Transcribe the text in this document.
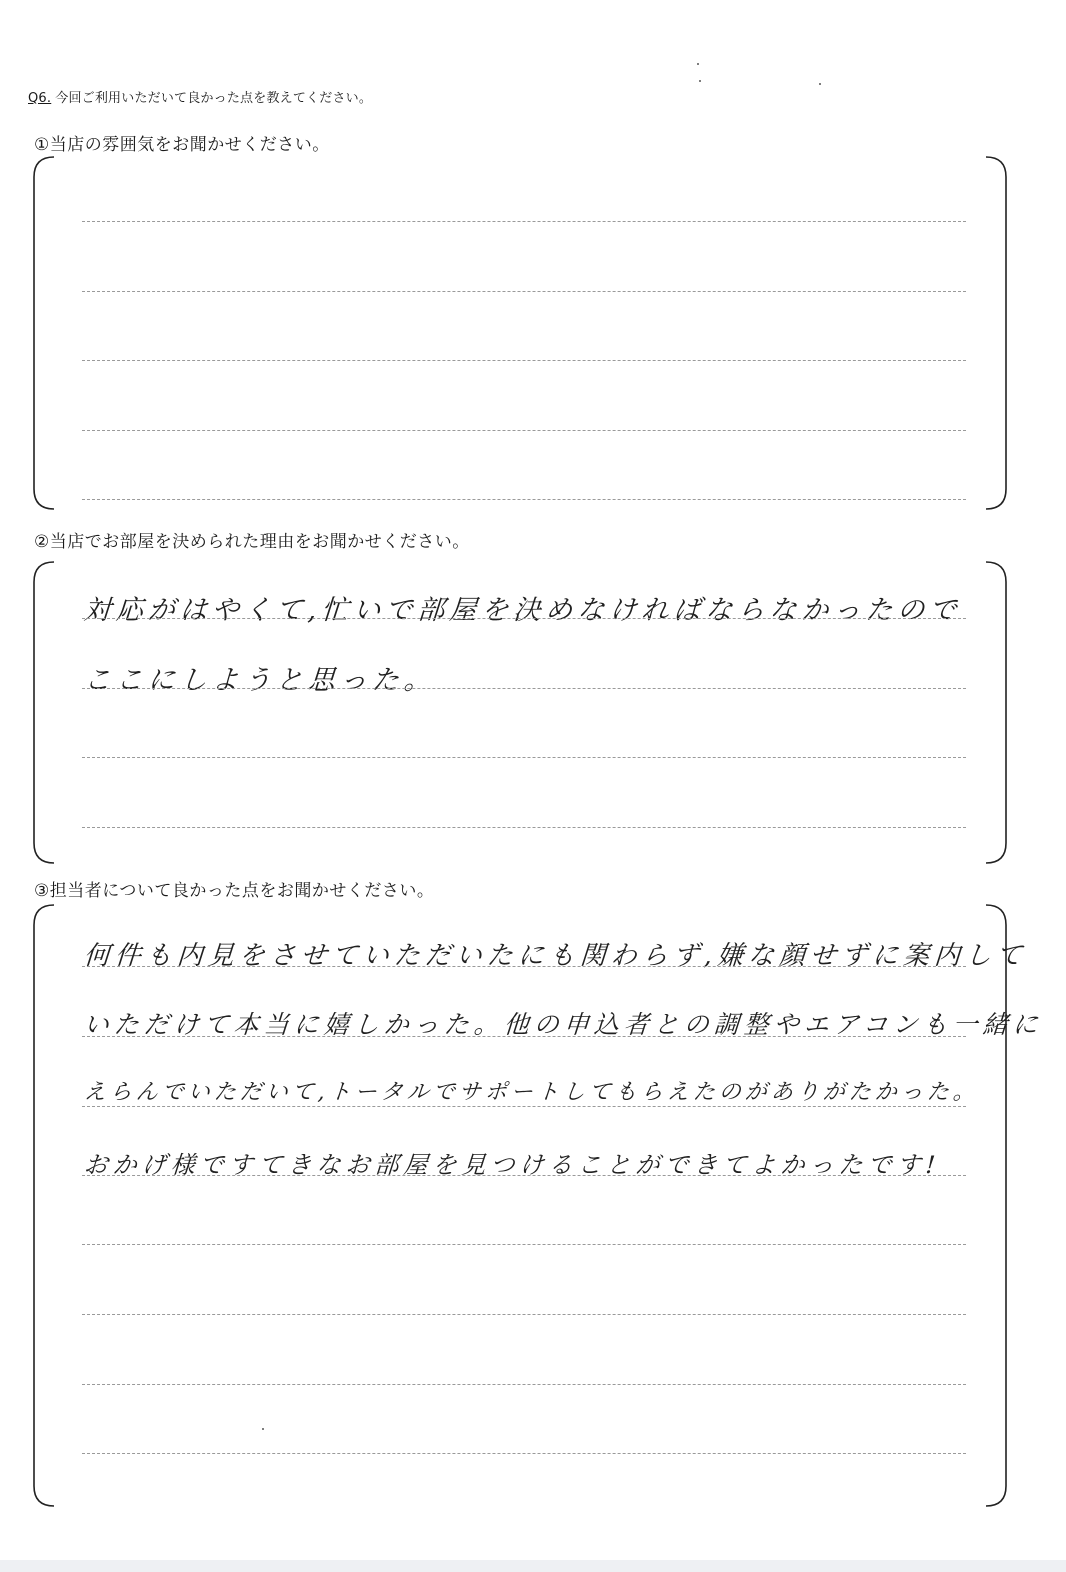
Q6. 今回ご利用いただいて良かった点を教えてください。
①当店の雰囲気をお聞かせください。
②当店でお部屋を決められた理由をお聞かせください。
対応がはやくて,忙いで部屋を決めなければならなかったので
ここにしようと思った。
③担当者について良かった点をお聞かせください。
何件も内見をさせていただいたにも関わらず,嫌な顔せずに案内して
いただけて本当に嬉しかった。他の申込者との調整やエアコンも一緒に
えらんでいただいて,トータルでサポートしてもらえたのがありがたかった。
おかげ様ですてきなお部屋を見つけることができてよかったです!
